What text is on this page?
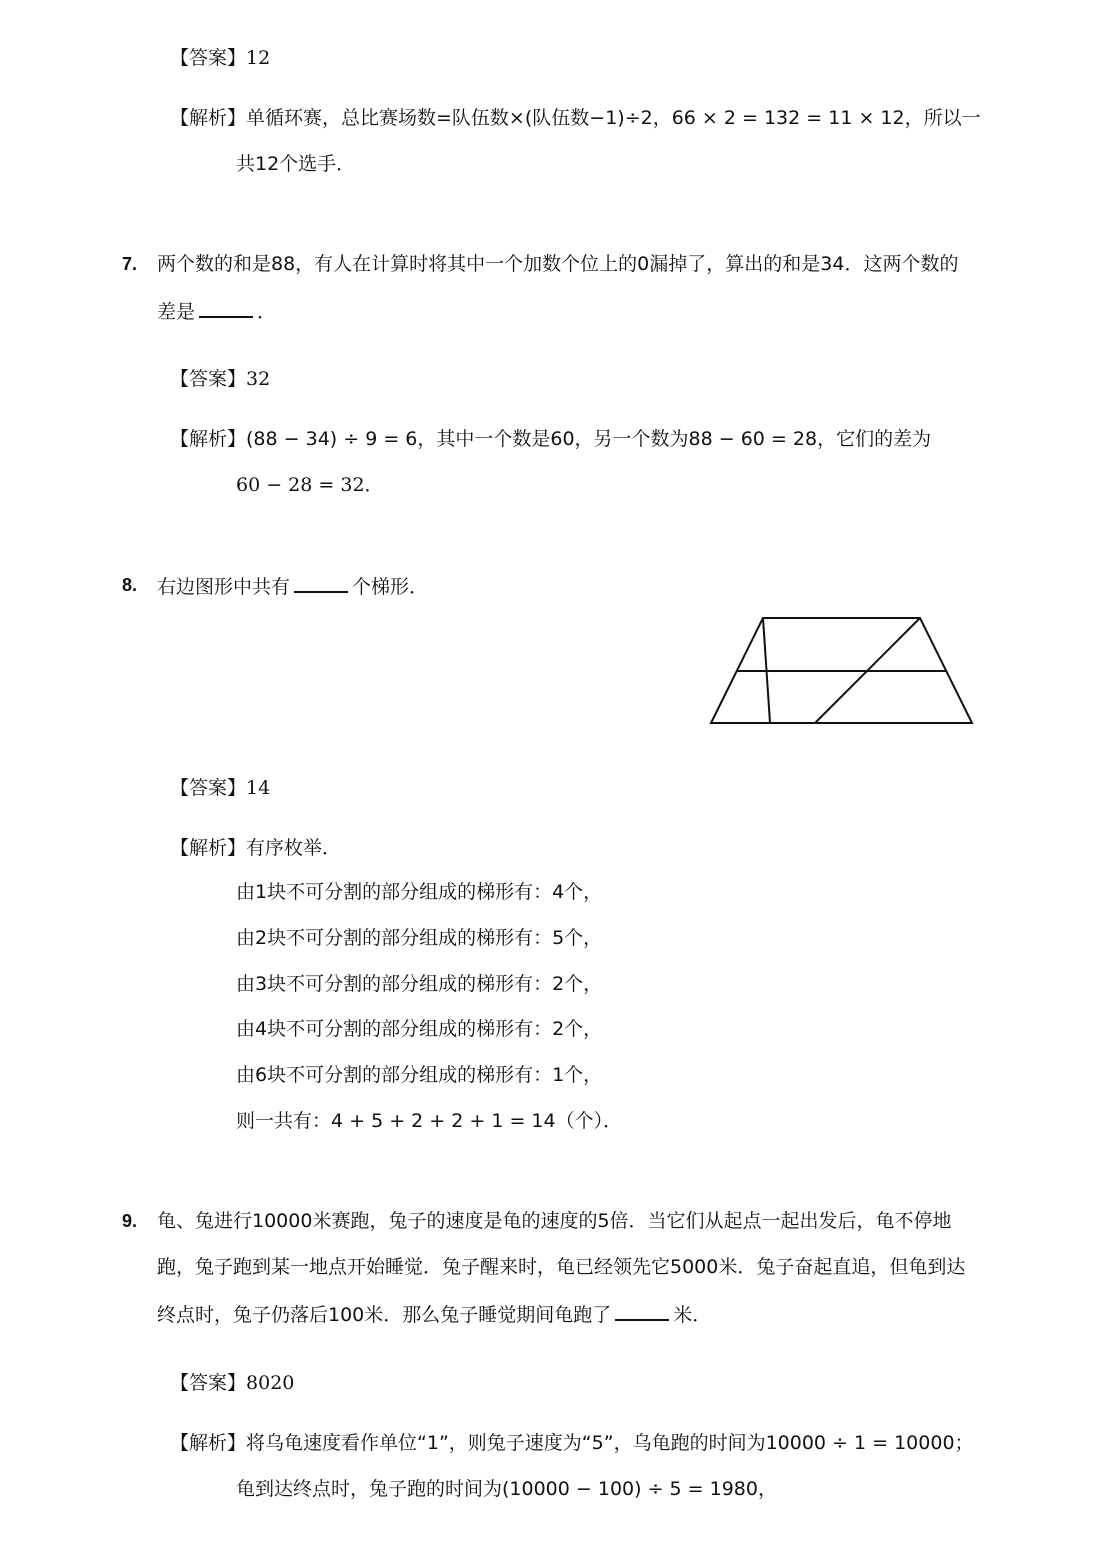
【答案】12
【解析】单循环赛，总比赛场数=队伍数×(队伍数−1)÷2，66 × 2 = 132 = 11 × 12，所以一
共12个选手．
7. 两个数的和是88，有人在计算时将其中一个加数个位上的0漏掉了，算出的和是34．这两个数的
差是	．
【答案】32
【解析】(88 − 34) ÷ 9 = 6，其中一个数是60，另一个数为88 − 60 = 28，它们的差为
60 − 28 = 32．
8. 右边图形中共有	个梯形．
【答案】14
【解析】有序枚举．
由1块不可分割的部分组成的梯形有：4个，
由2块不可分割的部分组成的梯形有：5个，
由3块不可分割的部分组成的梯形有：2个，
由4块不可分割的部分组成的梯形有：2个，
由6块不可分割的部分组成的梯形有：1个，
则一共有：4 + 5 + 2 + 2 + 1 = 14（个）．
9. 龟、兔进行10000米赛跑，兔子的速度是龟的速度的5倍．当它们从起点一起出发后，龟不停地
跑，兔子跑到某一地点开始睡觉．兔子醒来时，龟已经领先它5000米．兔子奋起直追，但龟到达
终点时，兔子仍落后100米．那么兔子睡觉期间龟跑了	米．
【答案】8020
【解析】将乌龟速度看作单位“1”，则兔子速度为“5”，乌龟跑的时间为10000 ÷ 1 = 10000；
龟到达终点时，兔子跑的时间为(10000 − 100) ÷ 5 = 1980，
